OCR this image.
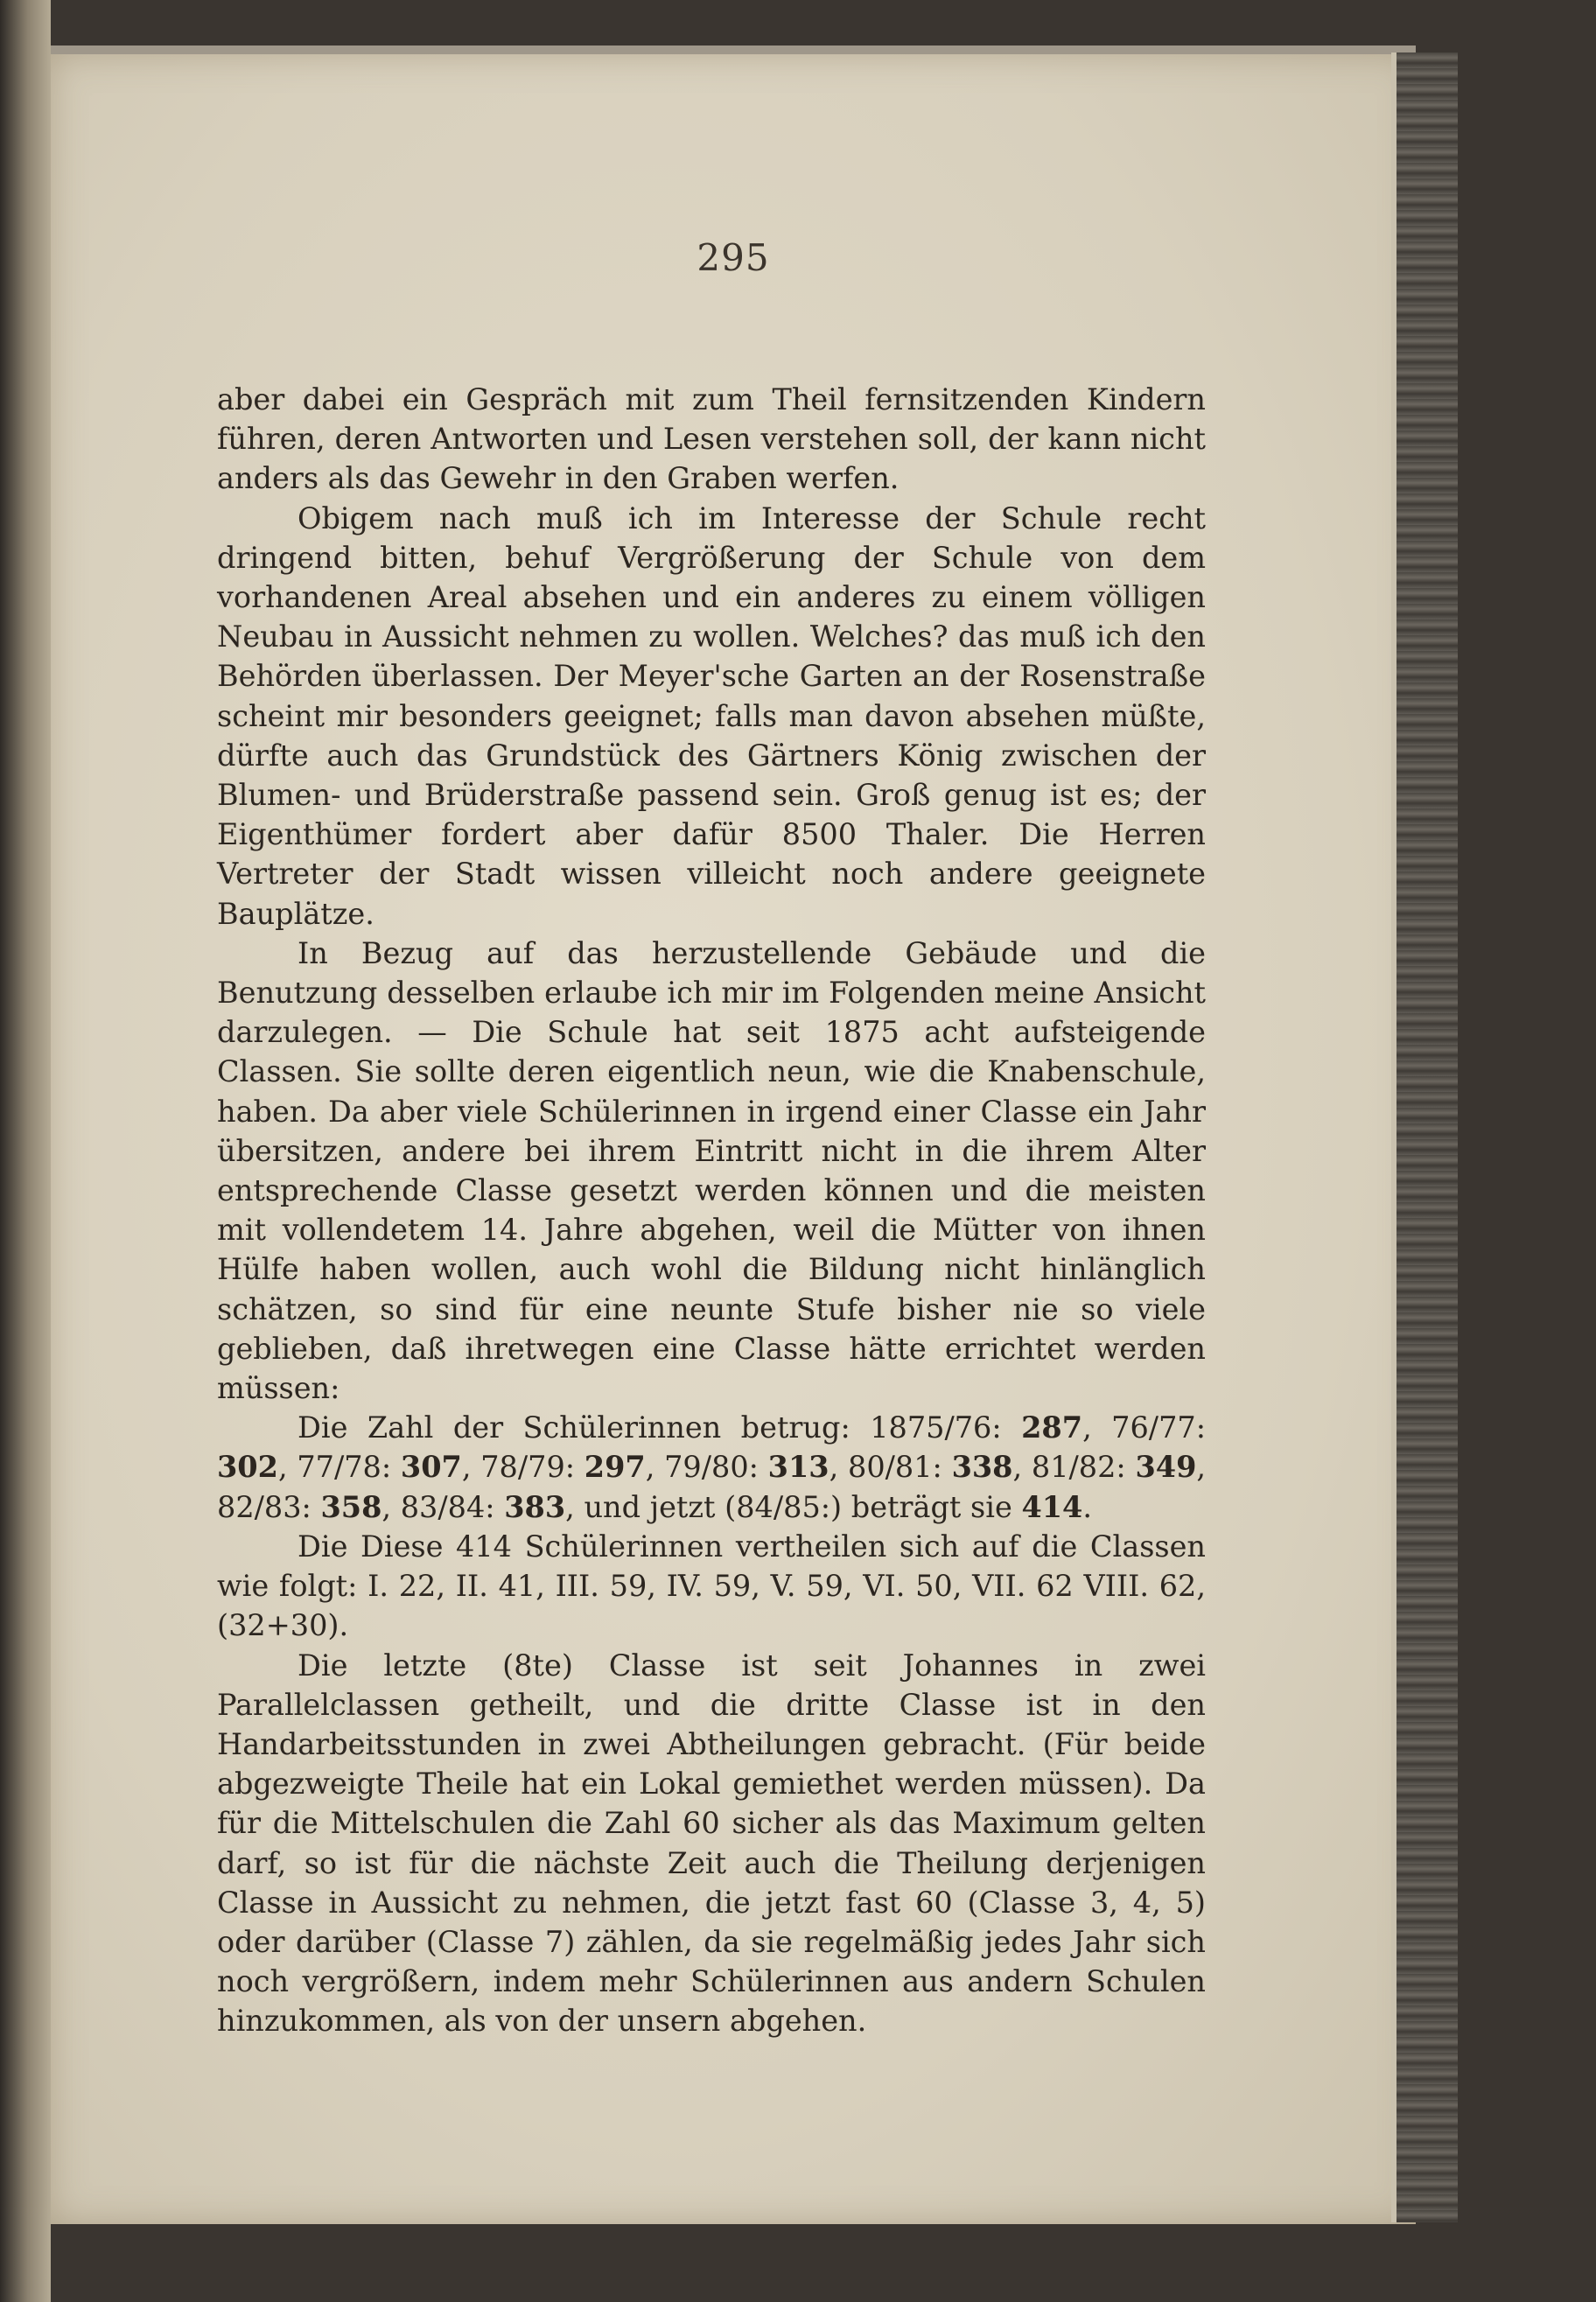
295

aber dabei ein Gespräch mit zum Theil fernsitzenden Kindern führen, deren Antworten und Lesen verstehen soll, der kann nicht anders als das Gewehr in den Graben werfen.

Obigem nach muß ich im Interesse der Schule recht dringend bitten, behuf Vergrößerung der Schule von dem vorhandenen Areal absehen und ein anderes zu einem völligen Neubau in Aussicht nehmen zu wollen. Welches? das muß ich den Behörden überlassen. Der Meyer'sche Garten an der Rosenstraße scheint mir besonders geeignet; falls man davon absehen müßte, dürfte auch das Grundstück des Gärtners König zwischen der Blumen- und Brüderstraße passend sein. Groß genug ist es; der Eigenthümer fordert aber dafür 8500 Thaler. Die Herren Vertreter der Stadt wissen villeicht noch andere geeignete Bauplätze.

In Bezug auf das herzustellende Gebäude und die Benutzung desselben erlaube ich mir im Folgenden meine Ansicht darzulegen. — Die Schule hat seit 1875 acht aufsteigende Classen. Sie sollte deren eigentlich neun, wie die Knabenschule, haben. Da aber viele Schülerinnen in irgend einer Classe ein Jahr übersitzen, andere bei ihrem Eintritt nicht in die ihrem Alter entsprechende Classe gesetzt werden können und die meisten mit vollendetem 14. Jahre abgehen, weil die Mütter von ihnen Hülfe haben wollen, auch wohl die Bildung nicht hinlänglich schätzen, so sind für eine neunte Stufe bisher nie so viele geblieben, daß ihretwegen eine Classe hätte errichtet werden müssen:

Die Zahl der Schülerinnen betrug: 1875/76: 287, 76/77: 302, 77/78: 307, 78/79: 297, 79/80: 313, 80/81: 338, 81/82: 349, 82/83: 358, 83/84: 383, und jetzt (84/85:) beträgt sie 414.

Die Diese 414 Schülerinnen vertheilen sich auf die Classen wie folgt: I. 22, II. 41, III. 59, IV. 59, V. 59, VI. 50, VII. 62 VIII. 62, (32+30).

Die letzte (8te) Classe ist seit Johannes in zwei Parallelclassen getheilt, und die dritte Classe ist in den Handarbeitsstunden in zwei Abtheilungen gebracht. (Für beide abgezweigte Theile hat ein Lokal gemiethet werden müssen). Da für die Mittelschulen die Zahl 60 sicher als das Maximum gelten darf, so ist für die nächste Zeit auch die Theilung derjenigen Classe in Aussicht zu nehmen, die jetzt fast 60 (Classe 3, 4, 5) oder darüber (Classe 7) zählen, da sie regelmäßig jedes Jahr sich noch vergrößern, indem mehr Schülerinnen aus andern Schulen hinzukommen, als von der unsern abgehen.
